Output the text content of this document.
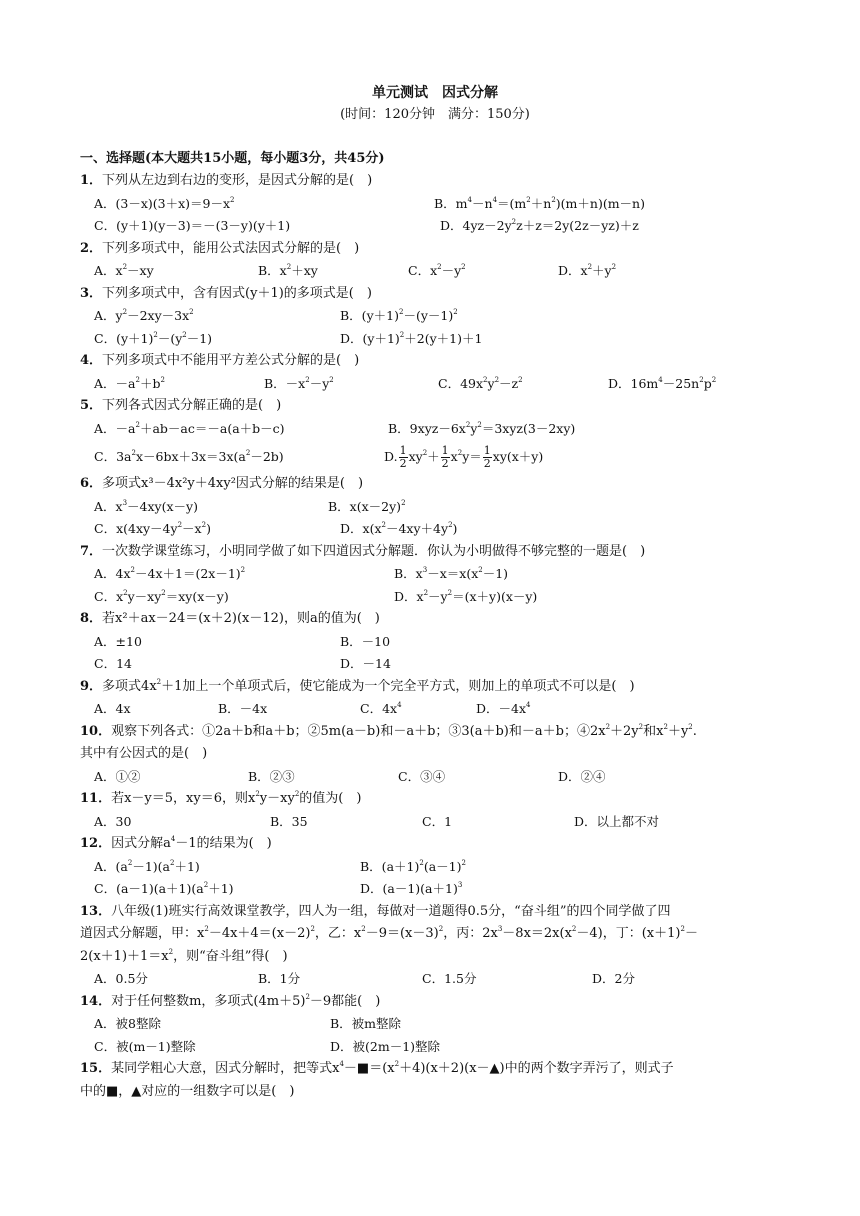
单元测试　因式分解
(时间：120分钟　满分：150分)
一、选择题(本大题共15小题，每小题3分，共45分)
1．下列从左边到右边的变形，是因式分解的是(　)
A．$(3-x)(3+x)=9-x^2$	B．$m^4-n^4=(m^2+n^2)(m+n)(m-n)$
C．(y＋1)(y－3)＝－(3－y)(y＋1)	D．$4yz-2y^2z+z=2y(2z-yz)+z$
2．下列多项式中，能用公式法因式分解的是(　)
A．$x^2-xy$	B．$x^2+xy$	C．$x^2-y^2$	D．$x^2+y^2$
3．下列多项式中，含有因式(y＋1)的多项式是(　)
A．$y^2-2xy-3x^2$	B．$(y+1)^2-(y-1)^2$
C．$(y+1)^2-(y^2-1)$	D．$(y+1)^2+2(y+1)+1$
4．下列多项式中不能用平方差公式分解的是(　)
A．$-a^2+b^2$	B．$-x^2-y^2$	C．$49x^2y^2-z^2$	D．$16m^4-25n^2p^2$
5．下列各式因式分解正确的是(　)
A．$-a^2+ab-ac=-a(a+b-c)$	B．$9xyz-6x^2y^2=3xyz(3-2xy)$
C．$3a^2x-6bx+3x=3x(a^2-2b)$	D. $\frac{1}{2} xy^2+ \frac{1}{2} x^2y= \frac{1}{2} xy(x+y)$
6．多项式x³－4x²y＋4xy²因式分解的结果是(　)
A．$x^3-4xy(x-y)$	B．$x(x-2y)^2$
C．$x(4xy-4y^2-x^2)$	D．$x(x^2-4xy+4y^2)$
7．一次数学课堂练习，小明同学做了如下四道因式分解题．你认为小明做得不够完整的一题是(　)
A．$4x^2-4x+1=(2x-1)^2$	B．$x^3-x=x(x^2-1)$
C．$x^2y-xy^2=xy(x-y)$	D．$x^2-y^2=(x+y)(x-y)$
8．若x²＋ax－24＝(x＋2)(x－12)，则a的值为(　)
A．±10	B．－10
C．14	D．－14
9．多项式$4x^2+1$加上一个单项式后，使它能成为一个完全平方式，则加上的单项式不可以是(　)
A．4x	B．－4x	C．$4x^4$	D．$-4x^4$
10．观察下列各式：①2a＋b和a＋b；②5m(a－b)和－a＋b；③3(a＋b)和－a＋b；$④2x^2+2y^2$和$x^2+y^2$.
其中有公因式的是(　)
A．①②	B．②③	C．③④	D．②④
11．若x－y＝5，xy＝6，则$x^2y-xy^2$的值为(　)
A．30	B．35	C．1	D．以上都不对
12．因式分解$a^4-1$的结果为(　)
A．$(a^2-1)(a^2+1)$	B．$(a+1)^2(a-1)^2$
C．$(a-1)(a+1)(a^2+1)$	D．$(a-1)(a+1)^3$
13．八年级(1)班实行高效课堂教学，四人为一组，每做对一道题得0.5分，“奋斗组”的四个同学做了四
道因式分解题，甲：$x^2-4x+4=(x-2)^2$，乙：$x^2-9=(x-3)^2$，丙：$2x^3-8x=2x(x^2-4)$，丁：$(x+1)^2-$
$2(x+1)+1=x^2$，则“奋斗组”得(　)
A．0.5分	B．1分	C．1.5分	D．2分
14．对于任何整数m，多项式$(4m+5)^2-9$都能(　)
A．被8整除	B．被m整除
C．被(m－1)整除	D．被(2m－1)整除
15．某同学粗心大意，因式分解时，把等式$x^4-■=(x^2+4)(x+2)(x-▲)$中的两个数字弄污了，则式子
中的■，▲对应的一组数字可以是(　)
